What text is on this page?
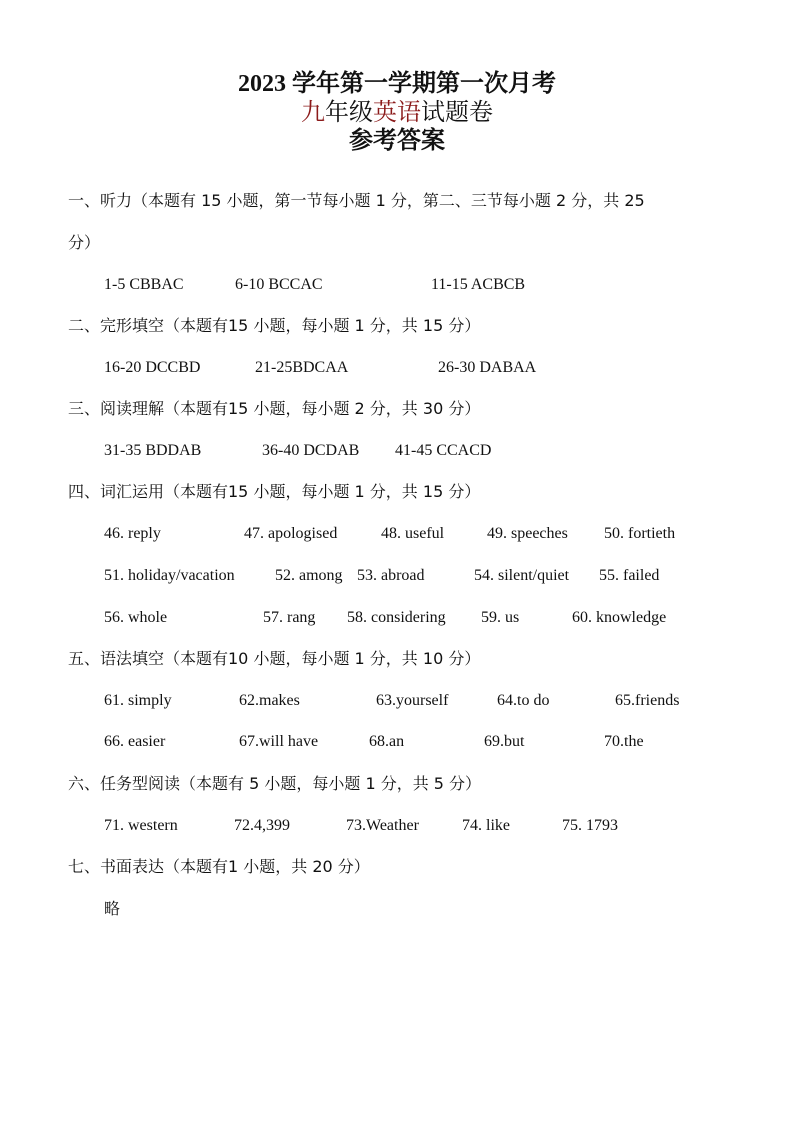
2023 学年第一学期第一次月考
九年级英语试题卷
参考答案
一、听力（本题有 15 小题，第一节每小题 1 分，第二、三节每小题 2 分，共 25
分）
1-5 CBBAC	6-10 BCCAC	11-15 ACBCB
二、完形填空（本题有15 小题，每小题 1 分，共 15 分）
16-20 DCCBD	21-25BDCAA	26-30 DABAA
三、阅读理解（本题有15 小题，每小题 2 分，共 30 分）
31-35 BDDAB	36-40 DCDAB 41-45 CCACD
四、词汇运用（本题有15 小题，每小题 1 分，共 15 分）
46. reply	47. apologised	48. useful	49. speeches 50. fortieth
51. holiday/vacation	52. among 53. abroad	54. silent/quiet 55. failed
56. whole	57. rang 58. considering 59. us	60. knowledge
五、语法填空（本题有10 小题，每小题 1 分，共 10 分）
61. simply	62.makes	63.yourself	64.to do	65.friends
66. easier	67.will have	68.an	69.but	70.the
六、任务型阅读（本题有 5 小题，每小题 1 分，共 5 分）
71. western	72.4,399	73.Weather	74. like	75. 1793
七、书面表达（本题有1 小题，共 20 分）
略
